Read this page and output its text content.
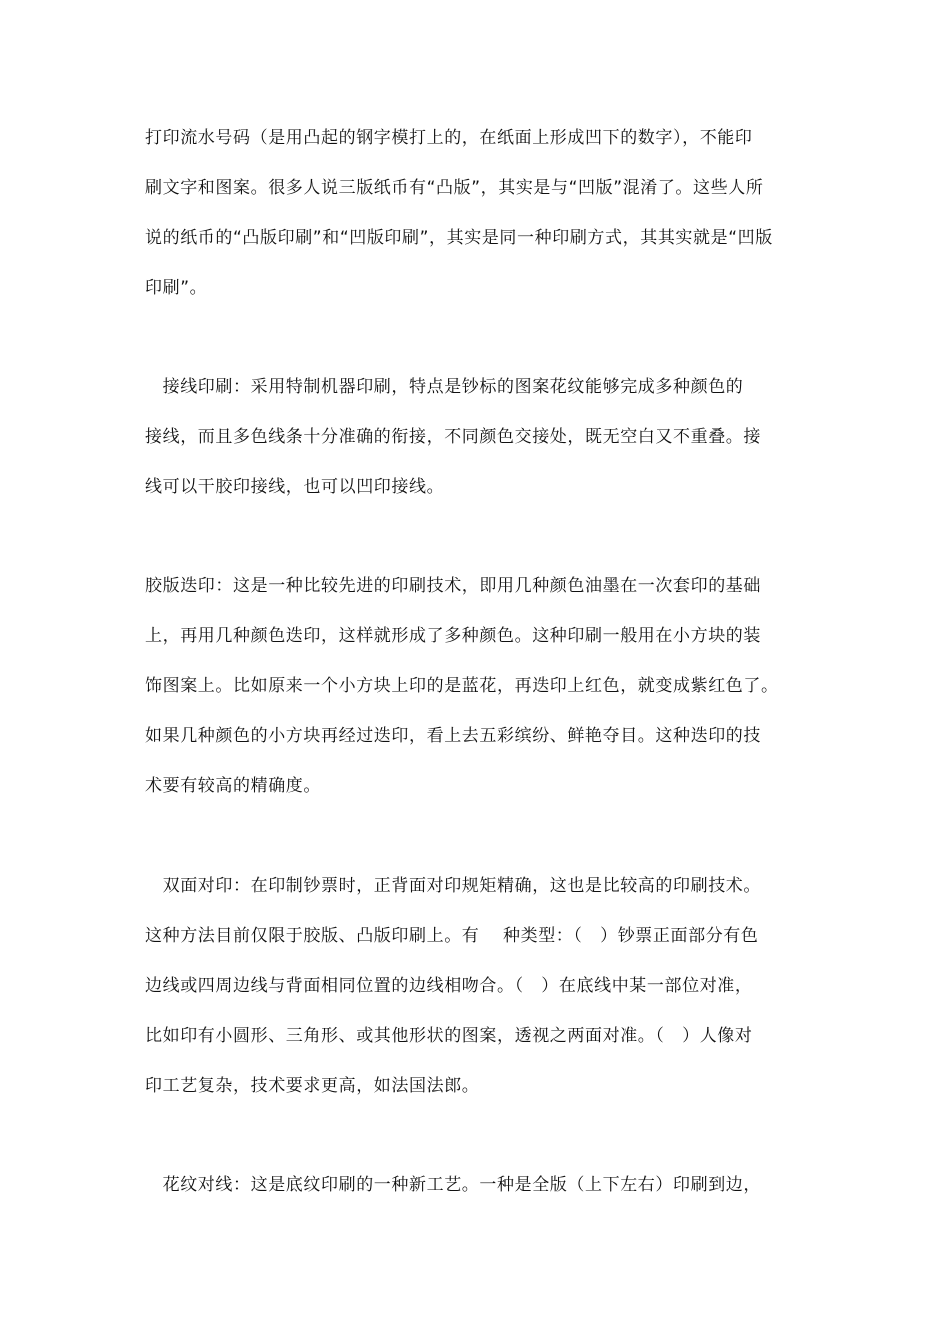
打印流水号码（是用凸起的钢字模打上的，在纸面上形成凹下的数字），不能印
刷文字和图案。很多人说三版纸币有“凸版”，其实是与“凹版”混淆了。这些人所
说的纸币的“凸版印刷”和“凹版印刷”，其实是同一种印刷方式，其其实就是“凹版
印刷”。
　接线印刷：采用特制机器印刷，特点是钞标的图案花纹能够完成多种颜色的
接线，而且多色线条十分准确的衔接，不同颜色交接处，既无空白又不重叠。接
线可以干胶印接线，也可以凹印接线。
胶版迭印：这是一种比较先进的印刷技术，即用几种颜色油墨在一次套印的基础
上，再用几种颜色迭印，这样就形成了多种颜色。这种印刷一般用在小方块的装
饰图案上。比如原来一个小方块上印的是蓝花，再迭印上红色，就变成紫红色了。
如果几种颜色的小方块再经过迭印，看上去五彩缤纷、鲜艳夺目。这种迭印的技
术要有较高的精确度。
　双面对印：在印制钞票时，正背面对印规矩精确，这也是比较高的印刷技术。
这种方法目前仅限于胶版、凸版印刷上。有　 种类型：（　）钞票正面部分有色
边线或四周边线与背面相同位置的边线相吻合。（　）在底线中某一部位对准，
比如印有小圆形、三角形、或其他形状的图案，透视之两面对准。（　）人像对
印工艺复杂，技术要求更高，如法国法郎。
　花纹对线：这是底纹印刷的一种新工艺。一种是全版（上下左右）印刷到边，
